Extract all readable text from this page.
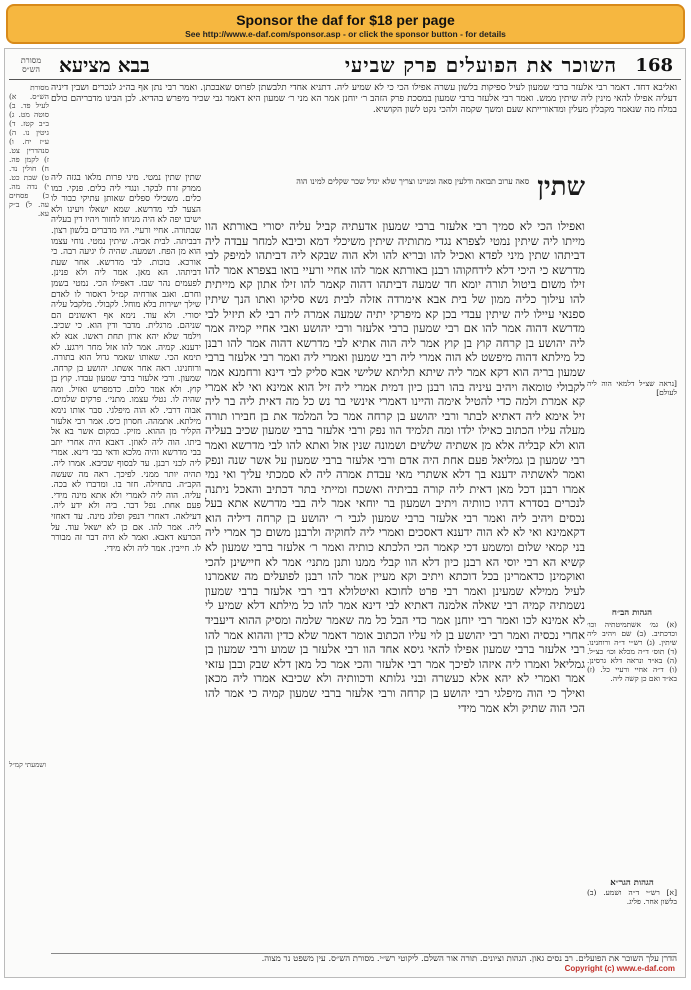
Sponsor the daf for $18 per page
See http://www.e-daf.com/sponsor.asp - or click the sponsor button - for details
168
השוכר את הפועלים פרק שביעי
בבא מציעא
מסורת הש״ס

ואליבא דחד. דאמר רבי אלעזר ברבי שמעון לעיל ספיקות בלשון עשרה אפילו הכי כי לא שמיע ליה. דתניא אחדי תלבשתן לפרוס שאבכתן. ואמר רבי נתן אף בה״ג לנכרים ושבין דיניה דעליה אפילו להאי מינין ליה שיתין ממש. ואמר רבי אלעזר ברבי שמעון במסכת פרק הזהב ר׳ יוחנן אמר הא מני ר׳ שמעון היא דאמר גבי שכיר מיפרש בהדיא. לכן הבינו מדבריהם כולם במלח מה שנאמר מקבלין מעלין ומדאורייתא שעם ומשך שקמה ולהכי נקט לשון הקושיא.

שתין
סאה ערוב תבואה ודלעין סאה ומניינו וצריך שלא יגדל שכר שקלים למינו הוה

ואפילו הכי לא סמיך רבי אלעזר ברבי שמעון אדעתיה קביל עליה יסורי באורתא הוו מייתו ליה שיתין נמטי לצפרא נגדי מתותיה שיתין משיכלי דמא וכיבא למחר עבדה ליה דביתהו שתין מיני לפדא ואכיל להו ובריא להו ולא הוה שבקא ליה דביתהו למיפק לבי מדרשא כי היכי דלא לידחקוהו רבנן באורתא אמר להו אחיי ורעיי בואו בצפרא אמר להו זילו משום ביטול תורה יומא חד שמעה דביתהו דהוה קאמר להו זילו אתון קא מייתית להו עילוך כליה ממון של בית אבא אימרדה אזלה לבית נשא סליקו ואתו הנך שיתין ספנאי עיילו ליה שיתין עבדי בכן קא מיפרקי יתיה שמעה אמרה ליה רבי לא תיזיל לבי מדרשא דהוה אמר להו אם רבי שמעון ברבי אלעזר ורבי יהושע ואבי אחיי קמיה אמר ליה יהושע בן קרחה קוץ בן קוץ אמר ליה הוה אתיא לבי מדרשא דהוה אמר להו רבנן כל מילתא דהוה מיפשט לא הוה אמרי ליה רבי שמעון ואמרי ליה ואמר רבי אלעזר ברבי שמעון בריה הוא דקא אמר ליה שיתא תליתא שלישי אבא סליק לבי דינא ורחמנא אמר לקבולי טומאה ויהיב עיניה בהו רבנן כיון דמית אמרי ליה זיל הוא אמינא ואי לא אמרי קא אמרת ולמה כדי להטיל אימה והיינו דאמרי אינשי בר נש כל מה דאית ליה בר ליה זיל אימא ליה דאתיא לבתר ורבי יהושע בן קרחה אמר כל המלמד את בן חבירו תורה מעלה עליו הכתוב כאילו ילדו ומה תלמיד הוו נפק ורבי אלעזר ברבי שמעון שכיב בעליה הוא ולא קבליה אלא מן אשתיה שלשים ושמונה שנין אזל ואתא להו לבי מדרשא ואמר רבי שמעון בן גמליאל פעם אחת היה אדם ורבי אלעזר ברבי שמעון על אשר שנה ונפק ואמר לאשתיה ידענא בך דלא אשתרי מאי עבדת אמרה ליה לא סמכתי עליך ואי נמי אמרו רבנן דכל מאן דאית ליה קורה בביתיה ואשכח ומייתי בתר דכתיב והאכל ניתנה לנכרים בסדרא דהיו כוותיה ויתיב ושמעון בר יוחאי אמר ליה בבי מדרשא אתא בעל נכסים ויהיב ליה ואמר רבי אלעזר ברבי שמעון לגבי ר׳ יהושע בן קרחה דיליה הוא דקאמינא ואי לא לא הוה ידענא דאסכים ואמרי ליה לחוקיה ולרבנן משום כך אמרי ליה בני קמאי שלום ומשמע דכי קאמר הכי הלכתא כותיה ואמר ר׳ אלעזר ברבי שמעון לא קשיא הא רבי יוסי הא רבנן כיון דלא הוו קבלי ממנו ותנן מתני׳ אמר לא חיישינן להכי ואוקמינן כדאמרינן בכל דוכתא ויתיב וקא מעיין אמר להו רבנן לפועלים מה שאמרנו לעיל ממילא שמעינן ואמר רבי פרט לחוכא ואיטלולא דבי רבי אלעזר ברבי שמעון נשמתיה קמיה רבי שאלה אלמנה דאתיא לבי דינא אמר להו כל מילתא דלא שמיע לי לא אמינא לכו ואמר רבי יוחנן אמר כדי הבל כל מה שאמר שלמה ומסיק ההוא דיעביד אחרי נכסיה ואמר רבי יהושע בן לוי עליו הכתוב אומר דאמר שלא כדין וההוא אמר להו רבי אלעזר ברבי שמעון אפילו להאי גיסא אחד הוו רבי אלעזר בן שמוע ורבי שמעון בן גמליאל ואמרו ליה איזהו לפיכך אמר רבי אלעזר והכי אמר כל מאן דלא שבק ובבן עזאי אמר ואמרי לא יהא אלא כעשרה ובני גלותא ודכוותיה ולא שכיבא אמרו ליה מכאן ואילך כי הוה מיפלגי רבי יהושע בן קרחה ורבי אלעזר ברבי שמעון קמיה כי אמר להו הכי הוה שתיק ולא אמר מידי

שתין שתין נמטי. מיני פרות מלאו בגזה ליה ממרק זרח לבקר. ונגדי ליה כלים. פנקי. כמו כלים. משכילי ספלים שאותן עתיקי כבור לו הצער לבי מדרשא. שמא ישאלו ויעינו ולא ישיבו יפה לא היה מניחו לחזור ויהיו דין בעליה שבתורה. אחיי ורעיי. היו מדברים בלשון רצון. דבביתה. לבית אביה. שיתין נמטי. נוחי עצמו הוא מן הפח. ושמעה. שהיה לו יגיעה רבה. כי אורכא. בוכות. לבי מדרשא. אחר שעת דביתהו. הא מאן. אמר ליה ולא פנינן. לפעמים נהר שבו. דאפילו הכי. נמטי בשמן וחרם. ואגב אורחיה קמ״ל דאסור לו לאדם שילך ישירות בלא מוחל. לקבולי. מלקבל עליה יסורי. ולא עוד. נימא אף ראשונים הם שניהם. מרגלית. מדבר ודין הוא. כי שכיב. וילמד שלא יהא ארון תחת ראשו. אנא לא ידענא. קמיה. אמר להו אזל מחר וירגע. לא תימא הכי. שאותו שאמר גדול הוא בתורה. ורוחנינו. ראה אחר אשתו. יהושע בן קרחה. שמעון. ורבי אלעזר ברבי שמעון עבדו. קוץ בן קוץ. ולא אמר כלום. כדמפרש ואזיל. ומה שהיה לו. נטלי עצמו. מתני׳. פרקים שלמים. אבוה דרבי. לא הוה מיפלגי. סבר אותו נימא מילתא. אתמהה. חסרון כיס. אמר רבי אלעזר הקליר מן ההוא. מזיק. כמקום אשר בא אל ביתו. הוה ליה לאוזן. דאבא היה אחרי יתב בבי מדרשא והיה מלכא ודאי בבי דינא. אמרי ליה לבני רבנן. עד לבסוף שכיבא. אמרו ליה. תהיה יותר ממני. לפיכך. ראה מה שעשה הקב״ה. בתחילה. חזר בו. ומדברו לא בכה. עליה. הוה ליה לאמרי ולא אתא מינה מידי. פעם אחת. נפל דבר. ביה ולא ידע ליה. דעילאה. דאחרי דנפק ופלוג מינה. עד דאחזי ליה. אמר להו. אם כן לא ישאל עוד. על הכרעא דאבא. ואמר לא היה דבר זה מבורר לו. חייבין. אמר ליה ולא מידי.

מסורת הש״ס. א) לעיל פד. ב) סוטה מט. ג) ב״ב קטז. ד) גיטין נו. ה) ע״ז יח. ו) סנהדרין צט. ז) לקמן פה. ח) חולין נד. ט) שבת כט. י) נדה מה. כ) פסחים עה. ל) ב״ק עא.

[נראה שצ״ל דלמאי הוה ליה לעולם]

הגהות הב״ח

(א) גמ׳ אשתמיטתיה וכו׳ וכדכתיב. (ב) שם ויהיב ליה שיתין. (ג) רש״י ד״ה ורוחנינו. (ד) תוס׳ ד״ה מכלא וכו׳ כצ״ל. (ה) בא״ד ונראה דלא גרסינן. (ו) ד״ה אחיי ורעיי כל. (ז) בא״ד ואם כן קשה ליה.

ושמעתי קמ״ל
הגהות הגר״א

[א] רש״י ד״ה ושמע. (ב) בלשון אחר. פליג.

הדרן עלך השוכר את הפועלים. רב נסים גאון. הגהות וציונים. תורה אור השלם. ליקוטי רש״י. מסורת הש״ס. עין משפט נר מצוה.

Copyright (c) www.e-daf.com
